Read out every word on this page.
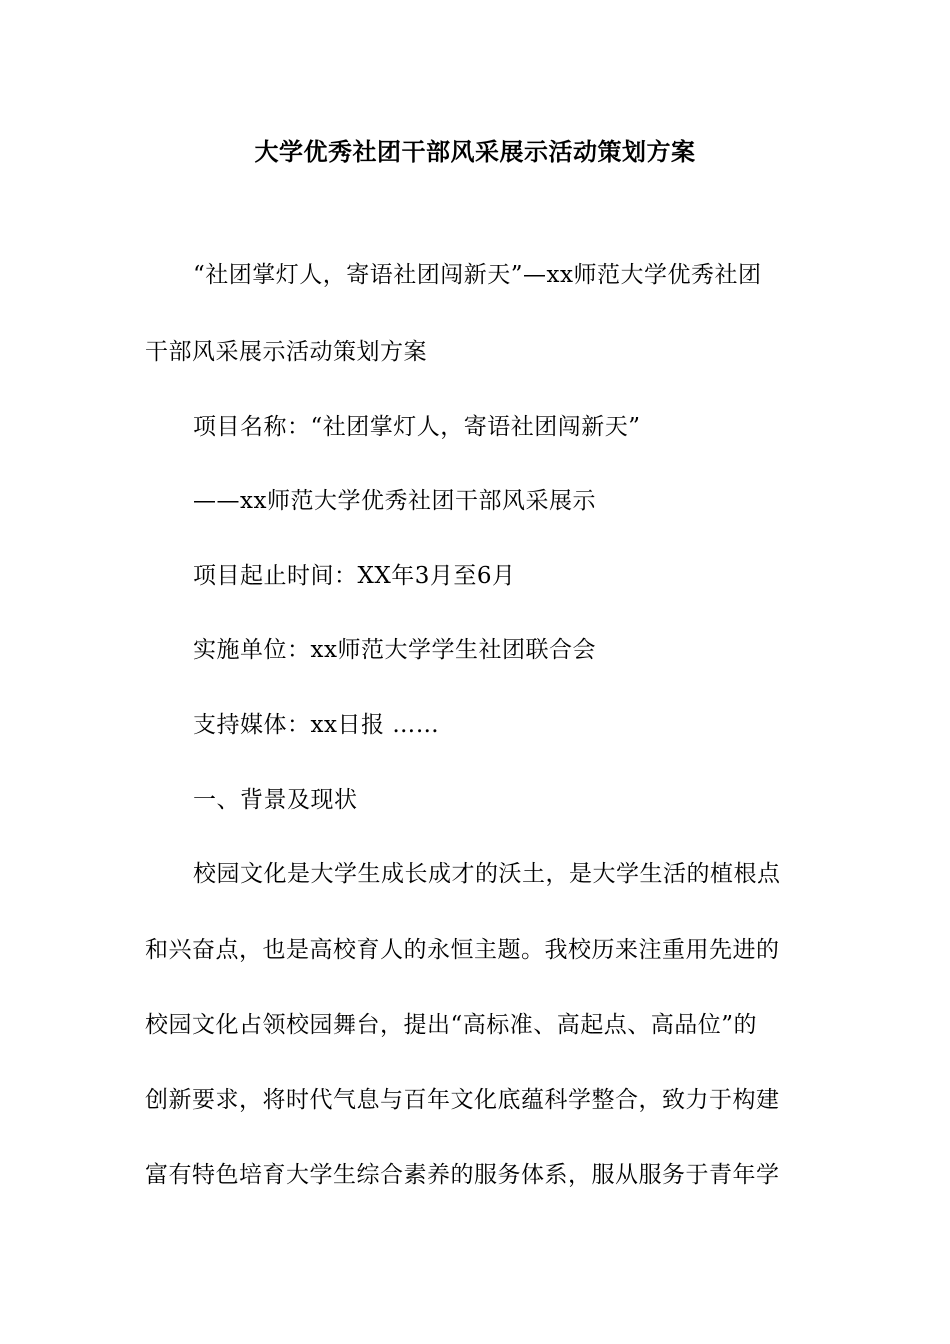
大学优秀社团干部风采展示活动策划方案
“社团掌灯人，寄语社团闯新天”—xx师范大学优秀社团
干部风采展示活动策划方案
项目名称：“社团掌灯人，寄语社团闯新天”
——xx师范大学优秀社团干部风采展示
项目起止时间：XX年3月至6月
实施单位：xx师范大学学生社团联合会
支持媒体：xx日报 ……
一、背景及现状
校园文化是大学生成长成才的沃土，是大学生活的植根点
和兴奋点，也是高校育人的永恒主题。我校历来注重用先进的
校园文化占领校园舞台，提出“高标准、高起点、高品位”的
创新要求，将时代气息与百年文化底蕴科学整合，致力于构建
富有特色培育大学生综合素养的服务体系，服从服务于青年学
